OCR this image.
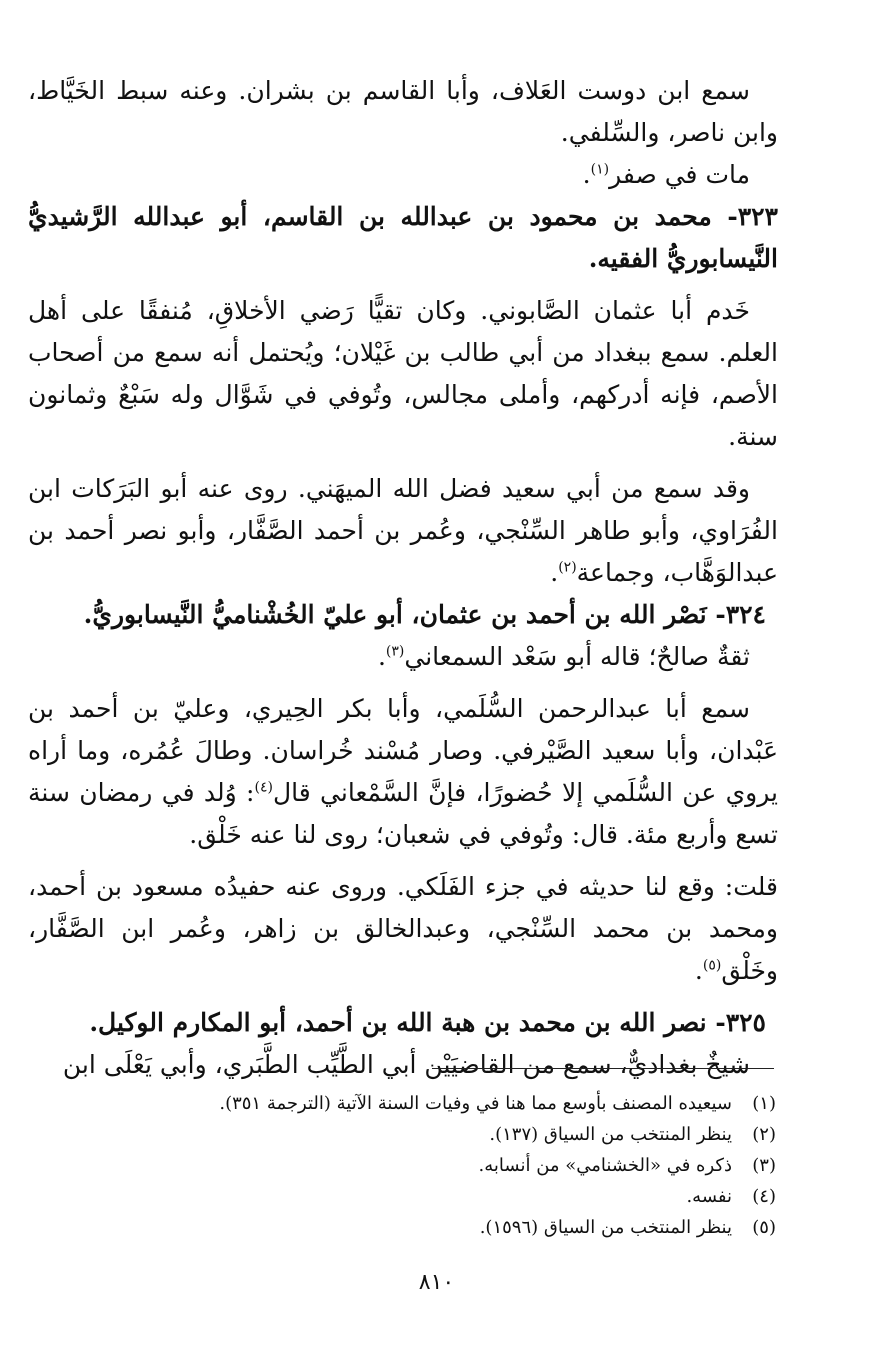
سمع ابن دوست العَلاف، وأبا القاسم بن بشران. وعنه سبط الخَيَّاط، وابن ناصر، والسِّلفي.

مات في صفر$^{(١)}$.

٣٢٣- محمد بن محمود بن عبدالله بن القاسم، أبو عبدالله الرَّشيديُّ النَّيسابوريُّ الفقيه.

خَدم أبا عثمان الصَّابوني. وكان تقيًّا رَضي الأخلاقِ، مُنفقًا على أهل العلم. سمع ببغداد من أبي طالب بن غَيْلان؛ ويُحتمل أنه سمع من أصحاب الأصم، فإنه أدركهم، وأملى مجالس، وتُوفي في شَوَّال وله سَبْعٌ وثمانون سنة.

وقد سمع من أبي سعيد فضل الله الميهَني. روى عنه أبو البَرَكات ابن الفُرَاوي، وأبو طاهر السِّنْجي، وعُمر بن أحمد الصَّفَّار، وأبو نصر أحمد بن عبدالوَهَّاب، وجماعة$^{(٢)}$.

٣٢٤- نَصْر الله بن أحمد بن عثمان، أبو عليّ الخُشْناميُّ النَّيسابوريُّ.

ثقةٌ صالحٌ؛ قاله أبو سَعْد السمعاني$^{(٣)}$.

سمع أبا عبدالرحمن السُّلَمي، وأبا بكر الحِيري، وعليّ بن أحمد بن عَبْدان، وأبا سعيد الصَّيْرفي. وصار مُسْند خُراسان. وطالَ عُمُره، وما أراه يروي عن السُّلَمي إلا حُضورًا، فإنَّ السَّمْعاني قال$^{(٤)}$: وُلد في رمضان سنة تسع وأربع مئة. قال: وتُوفي في شعبان؛ روى لنا عنه خَلْق.

قلت: وقع لنا حديثه في جزء الفَلَكي. وروى عنه حفيدُه مسعود بن أحمد، ومحمد بن محمد السِّنْجي، وعبدالخالق بن زاهر، وعُمر ابن الصَّفَّار، وخَلْق$^{(٥)}$.

٣٢٥- نصر الله بن محمد بن هبة الله بن أحمد، أبو المكارم الوكيل.

شيخٌ بغداديٌّ، سمع من القاضيَيْن أبي الطَّيِّب الطَّبَري، وأبي يَعْلَى ابن

(١)
سيعيده المصنف بأوسع مما هنا في وفيات السنة الآتية (الترجمة ٣٥١).

(٢)
ينظر المنتخب من السياق (١٣٧).

(٣)
ذكره في «الخشنامي» من أنسابه.

(٤)
نفسه.

(٥)
ينظر المنتخب من السياق (١٥٩٦).

٨١٠
